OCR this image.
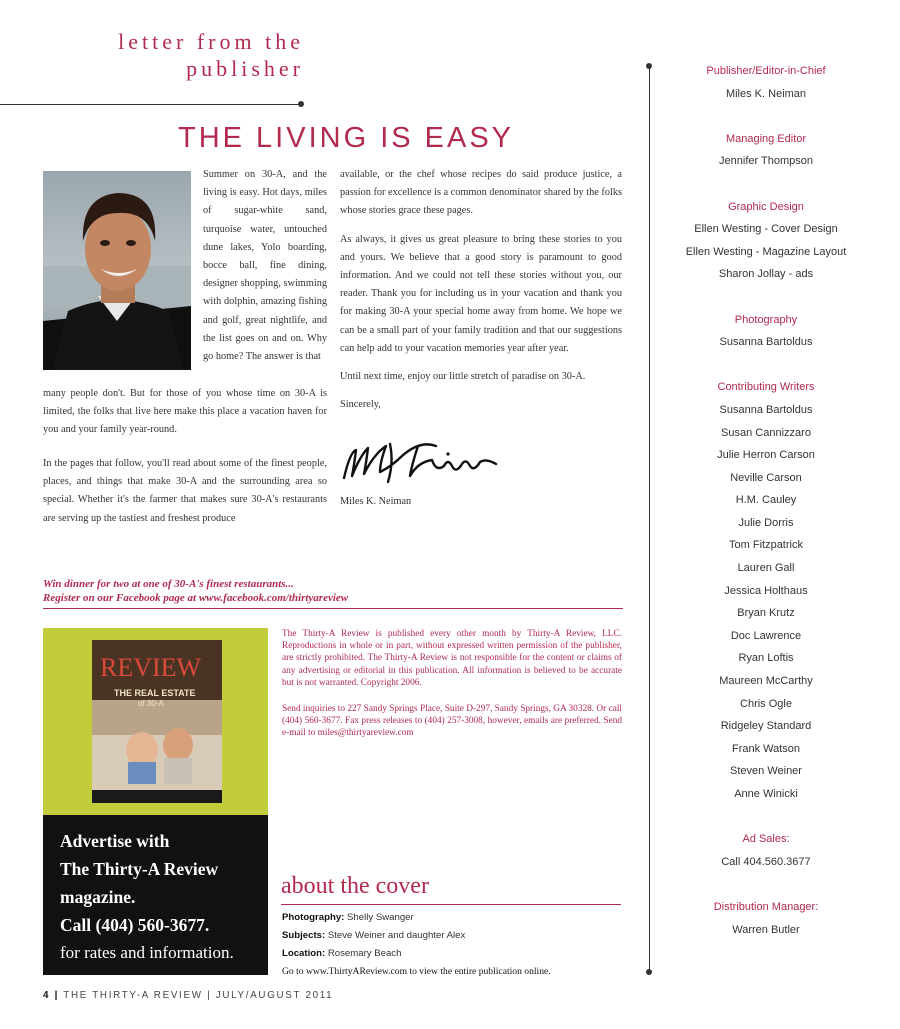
letter from the
publisher
THE LIVING IS EASY
Summer on 30-A, and the living is easy. Hot days, miles of sugar-white sand, turquoise water, untouched dune lakes, Yolo boarding, bocce ball, fine dining, designer shopping, swimming with dolphin, amazing fishing and golf, great nightlife, and the list goes on and on. Why go home? The answer is that
many people don't. But for those of you whose time on 30-A is limited, the folks that live here make this place a vacation haven for you and your family year-round.
In the pages that follow, you'll read about some of the finest people, places, and things that make 30-A and the surrounding area so special. Whether it's the farmer that makes sure 30-A's restaurants are serving up the tastiest and freshest produce

available, or the chef whose recipes do said produce justice, a passion for excellence is a common denominator shared by the folks whose stories grace these pages.

As always, it gives us great pleasure to bring these stories to you and yours. We believe that a good story is paramount to good information. And we could not tell these stories without you, our reader. Thank you for including us in your vacation and thank you for making 30-A your special home away from home. We hope we can be a small part of your family tradition and that our suggestions can help add to your vacation memories year after year.

Until next time, enjoy our little stretch of paradise on 30-A.

Sincerely,

Miles K. Neiman
Win dinner for two at one of 30-A's finest restaurants...
Register on our Facebook page at www.facebook.com/thirtyareview
REVIEW
THE REAL ESTATE
of 30-A
Advertise with
The Thirty-A Review
magazine.
Call (404) 560-3677.
for rates and information.
The Thirty-A Review is published every other month by Thirty-A Review, LLC. Reproductions in whole or in part, without expressed written permission of the publisher, are strictly prohibited. The Thirty-A Review is not responsible for the content or claims of any advertising or editorial in this publication. All information is believed to be accurate but is not warranted. Copyright 2006.
Send inquiries to 227 Sandy Springs Place, Suite D-297, Sandy Springs, GA 30328. Or call (404) 560-3677. Fax press releases to (404) 257-3008, however, emails are preferred. Send e-mail to miles@thirtyareview.com
about the cover
Photography: Shelly Swanger
Subjects: Steve Weiner and daughter Alex
Location: Rosemary Beach
Go to www.ThirtyAReview.com to view the entire publication online.
4 | THE THIRTY-A REVIEW | JULY/AUGUST 2011
Publisher/Editor-in-Chief
Miles K. Neiman
Managing Editor
Jennifer Thompson
Graphic Design
Ellen Westing - Cover Design
Ellen Westing - Magazine Layout
Sharon Jollay - ads
Photography
Susanna Bartoldus
Contributing Writers
Susanna Bartoldus
Susan Cannizzaro
Julie Herron Carson
Neville Carson
H.M. Cauley
Julie Dorris
Tom Fitzpatrick
Lauren Gall
Jessica Holthaus
Bryan Krutz
Doc Lawrence
Ryan Loftis
Maureen McCarthy
Chris Ogle
Ridgeley Standard
Frank Watson
Steven Weiner
Anne Winicki
Ad Sales:
Call 404.560.3677
Distribution Manager:
Warren Butler
